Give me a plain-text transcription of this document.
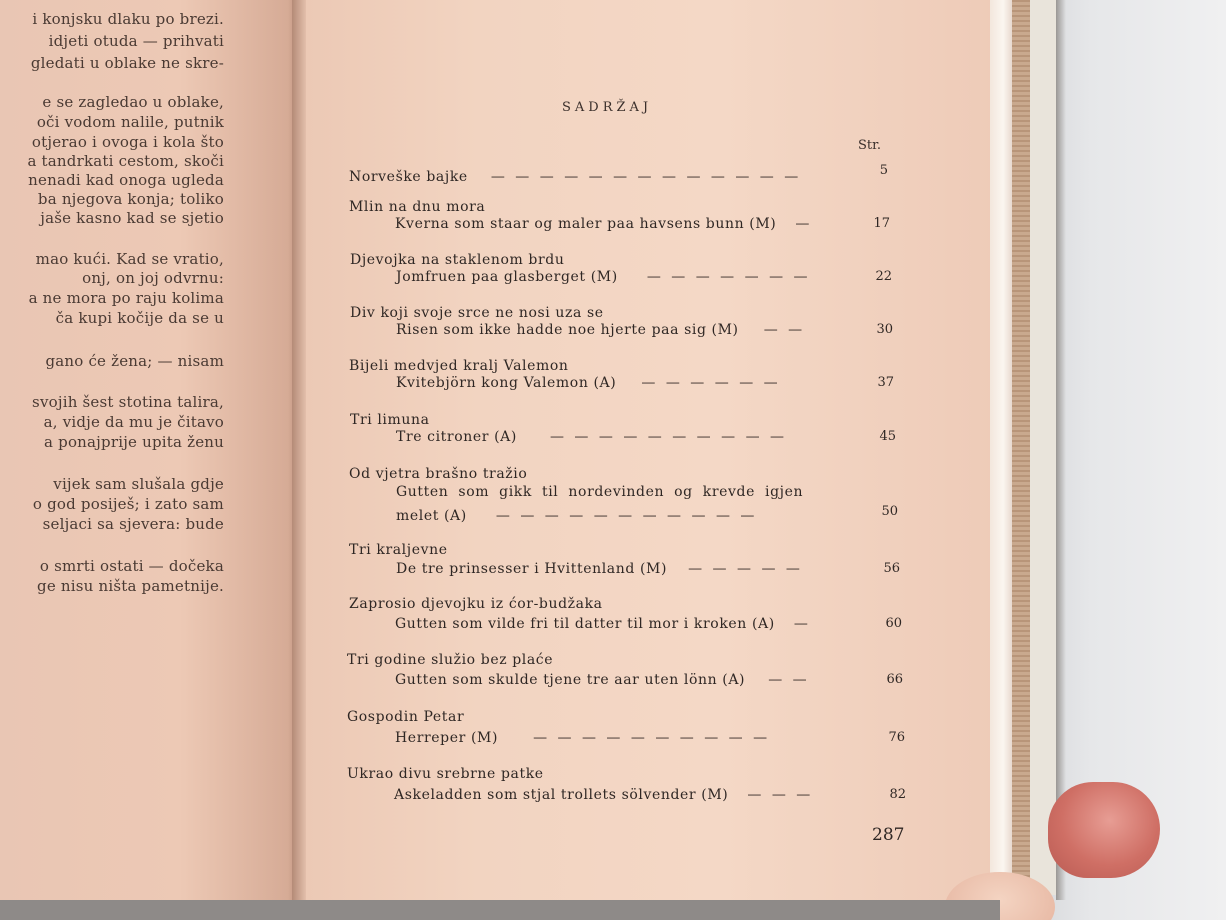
i konjsku dlaku po brezi.
idjeti otuda — prihvati
gledati u oblake ne skre-
e se zagledao u oblake,
oči vodom nalile, putnik
otjerao i ovoga i kola što
a tandrkati cestom, skoči
nenadi kad onoga ugleda
ba njegova konja; toliko
jaše kasno kad se sjetio
mao kući. Kad se vratio,
onj, on joj odvrnu:
a ne mora po raju kolima
ča kupi kočije da se u
gano će žena; — nisam
svojih šest stotina talira,
a, vidje da mu je čitavo
a ponajprije upita ženu
vijek sam slušala gdje
o god posiješ; i zato sam
seljaci sa sjevera: bude
o smrti ostati — dočeka
ge nisu ništa pametnije.
SADRŽAJ
Str.
Norveške bajke — — — — — — — — — — — — —	5
Mlin na dnu mora
Kverna som staar og maler paa havsens bunn (M) —	17
Djevojka na staklenom brdu
Jomfruen paa glasberget (M) — — — — — — —	22
Div koji svoje srce ne nosi uza se
Risen som ikke hadde noe hjerte paa sig (M) — —	30
Bijeli medvjed kralj Valemon
Kvitebjörn kong Valemon (A) — — — — — —	37
Tri limuna
Tre citroner (A) — — — — — — — — — —	45
Od vjetra brašno tražio
Gutten som gikk til nordevinden og krevde igjen
melet (A) — — — — — — — — — — —	50
Tri kraljevne
De tre prinsesser i Hvittenland (M) — — — — —	56
Zaprosio djevojku iz ćor-budžaka
Gutten som vilde fri til datter til mor i kroken (A) —	60
Tri godine služio bez plaće
Gutten som skulde tjene tre aar uten lönn (A) — —	66
Gospodin Petar
Herreper (M)	— — — — — — — — — —	76
Ukrao divu srebrne patke
Askeladden som stjal trollets sölvender (M) — — —	82
287
